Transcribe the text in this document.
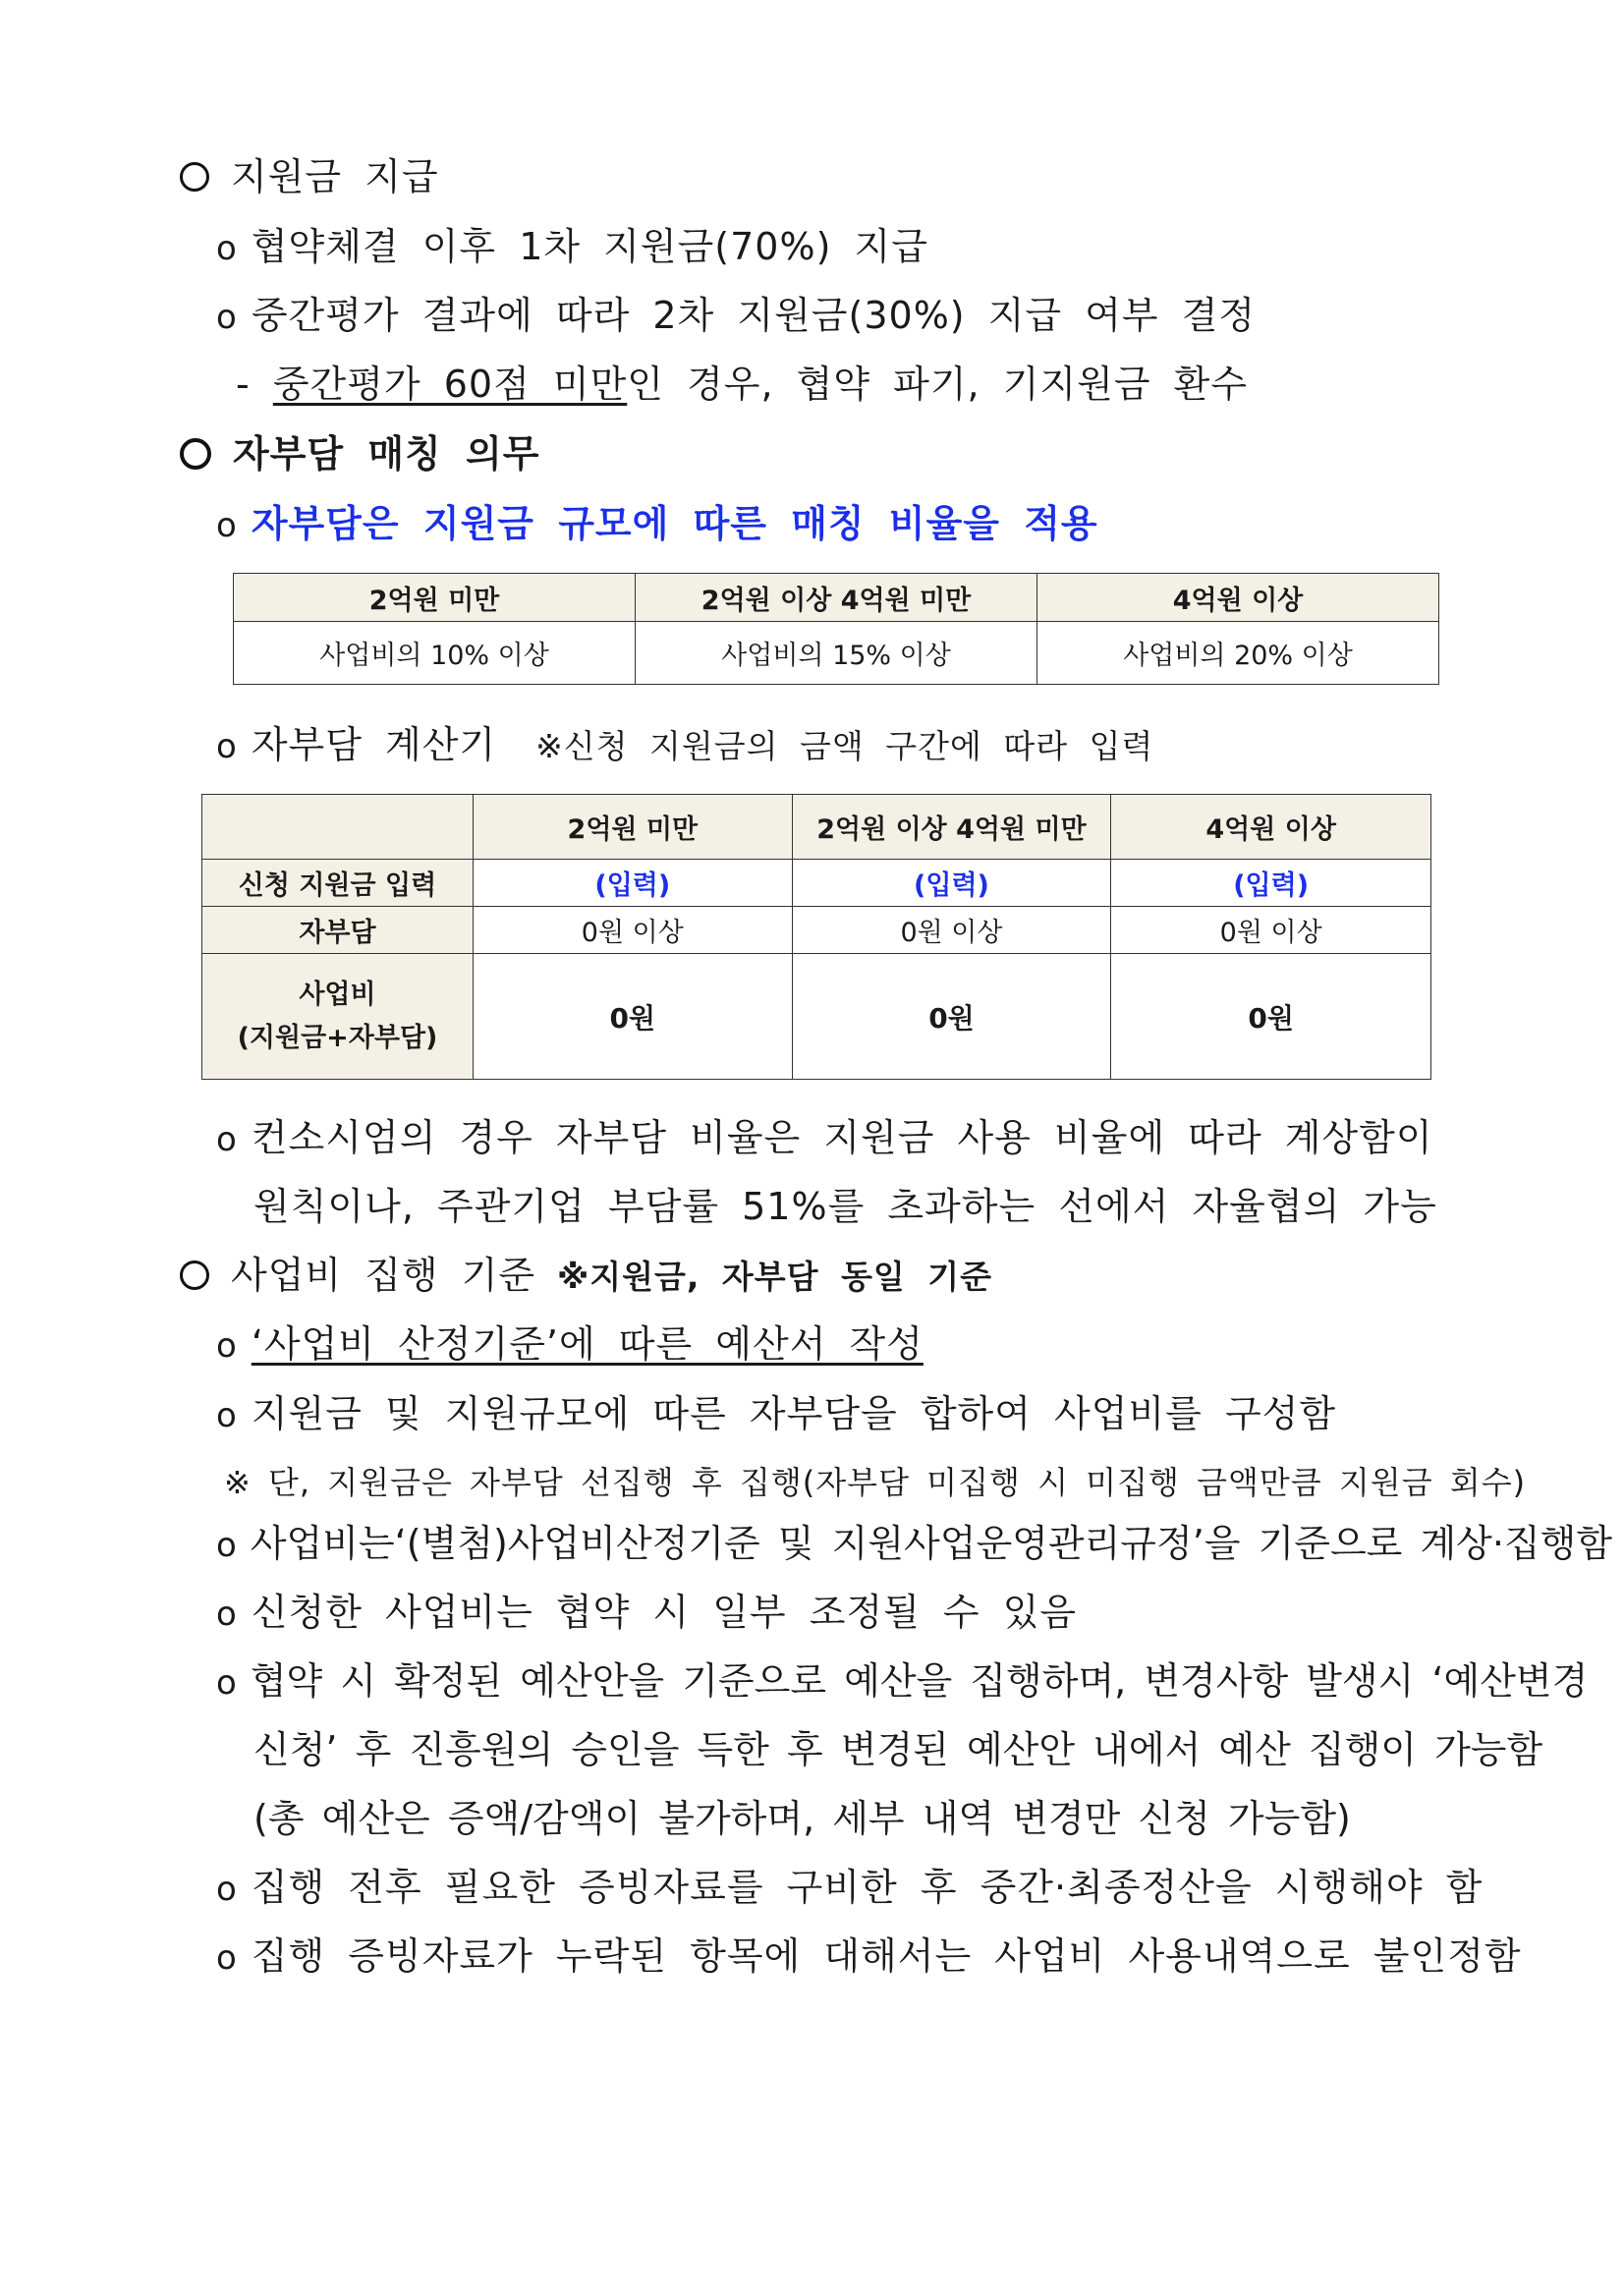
지원금 지급
o 협약체결 이후 1차 지원금(70%) 지급
o 중간평가 결과에 따라 2차 지원금(30%) 지급 여부 결정
- 중간평가 60점 미만인 경우, 협약 파기, 기지원금 환수
자부담 매칭 의무
o 자부담은 지원금 규모에 따른 매칭 비율을 적용
2억원 미만	2억원 이상 4억원 미만	4억원 이상
사업비의 10% 이상	사업비의 15% 이상	사업비의 20% 이상
o 자부담 계산기 ※신청 지원금의 금액 구간에 따라 입력
	2억원 미만	2억원 이상 4억원 미만	4억원 이상
신청 지원금 입력	(입력)	(입력)	(입력)
자부담	0원 이상	0원 이상	0원 이상

사업비
(지원금+자부담)	0원	0원	0원
o 컨소시엄의 경우 자부담 비율은 지원금 사용 비율에 따라 계상함이
원칙이나, 주관기업 부담률 51%를 초과하는 선에서 자율협의 가능
사업비 집행 기준 ※지원금, 자부담 동일 기준
o ‘사업비 산정기준’에 따른 예산서 작성
o 지원금 및 지원규모에 따른 자부담을 합하여 사업비를 구성함
※ 단, 지원금은 자부담 선집행 후 집행(자부담 미집행 시 미집행 금액만큼 지원금 회수)
o 사업비는‘(별첨)사업비산정기준 및 지원사업운영관리규정’을 기준으로 계상·집행함
o 신청한 사업비는 협약 시 일부 조정될 수 있음
o 협약 시 확정된 예산안을 기준으로 예산을 집행하며, 변경사항 발생시 ‘예산변경
신청’ 후 진흥원의 승인을 득한 후 변경된 예산안 내에서 예산 집행이 가능함
(총 예산은 증액/감액이 불가하며, 세부 내역 변경만 신청 가능함)
o 집행 전후 필요한 증빙자료를 구비한 후 중간·최종정산을 시행해야 함
o 집행 증빙자료가 누락된 항목에 대해서는 사업비 사용내역으로 불인정함
